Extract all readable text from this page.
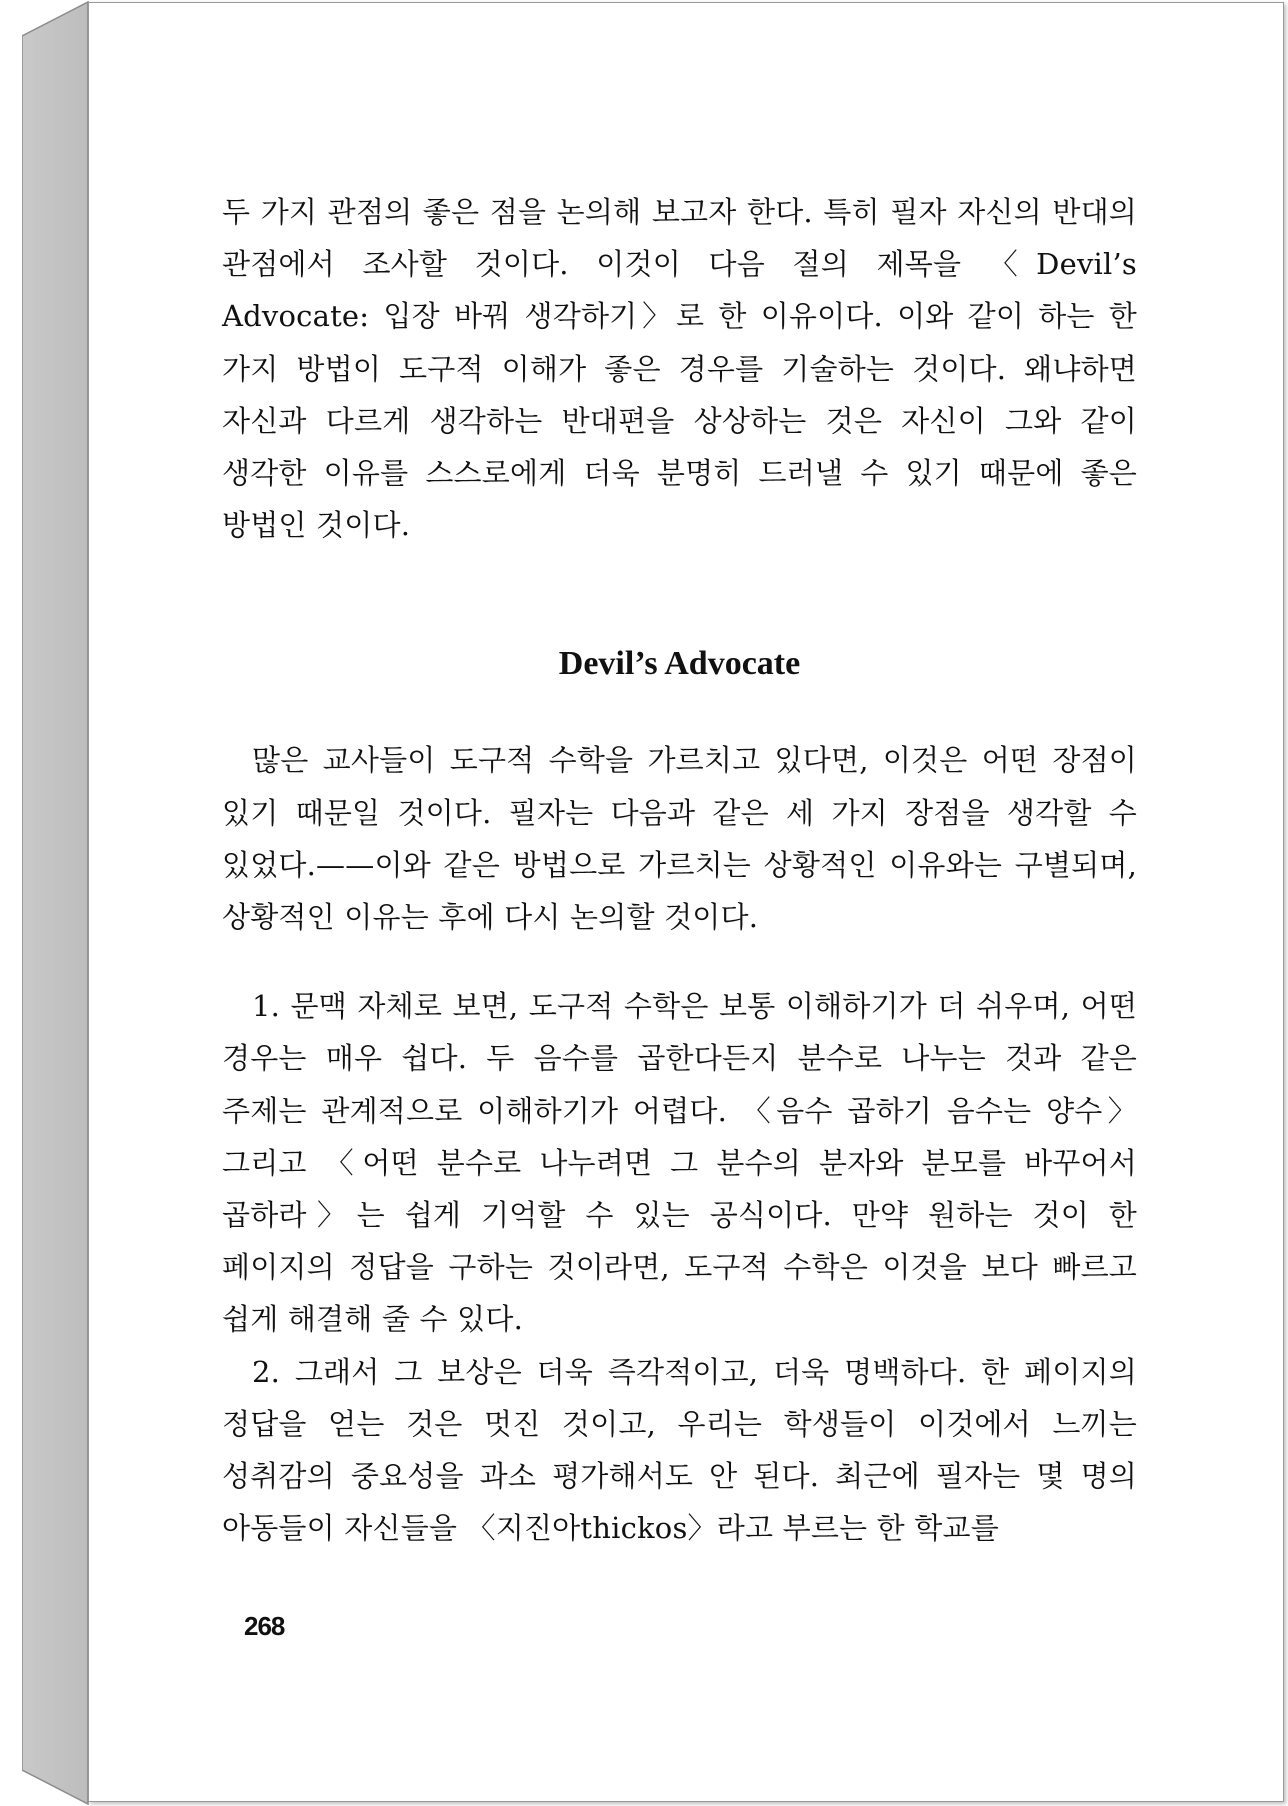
두 가지 관점의 좋은 점을 논의해 보고자 한다. 특히 필자 자신의 반대의 관점에서 조사할 것이다. 이것이 다음 절의 제목을 〈Devil’s Advocate: 입장 바꿔 생각하기〉로 한 이유이다. 이와 같이 하는 한 가지 방법이 도구적 이해가 좋은 경우를 기술하는 것이다. 왜냐하면 자신과 다르게 생각하는 반대편을 상상하는 것은 자신이 그와 같이 생각한 이유를 스스로에게 더욱 분명히 드러낼 수 있기 때문에 좋은 방법인 것이다.

Devil’s Advocate

많은 교사들이 도구적 수학을 가르치고 있다면, 이것은 어떤 장점이 있기 때문일 것이다. 필자는 다음과 같은 세 가지 장점을 생각할 수 있었다.——이와 같은 방법으로 가르치는 상황적인 이유와는 구별되며, 상황적인 이유는 후에 다시 논의할 것이다.

1. 문맥 자체로 보면, 도구적 수학은 보통 이해하기가 더 쉬우며, 어떤 경우는 매우 쉽다. 두 음수를 곱한다든지 분수로 나누는 것과 같은 주제는 관계적으로 이해하기가 어렵다. 〈음수 곱하기 음수는 양수〉 그리고 〈어떤 분수로 나누려면 그 분수의 분자와 분모를 바꾸어서 곱하라〉는 쉽게 기억할 수 있는 공식이다. 만약 원하는 것이 한 페이지의 정답을 구하는 것이라면, 도구적 수학은 이것을 보다 빠르고 쉽게 해결해 줄 수 있다.

2. 그래서 그 보상은 더욱 즉각적이고, 더욱 명백하다. 한 페이지의 정답을 얻는 것은 멋진 것이고, 우리는 학생들이 이것에서 느끼는 성취감의 중요성을 과소 평가해서도 안 된다. 최근에 필자는 몇 명의 아동들이 자신들을 〈지진아thickos〉라고 부르는 한 학교를

268
